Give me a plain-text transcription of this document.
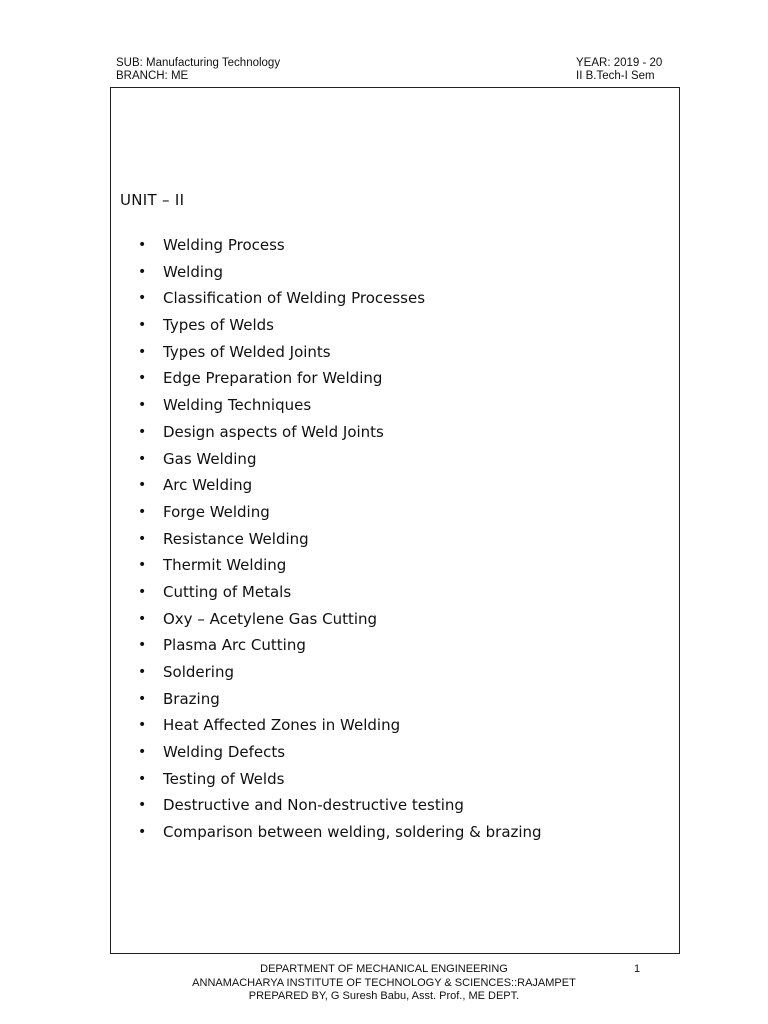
SUB: Manufacturing Technology
BRANCH: ME
YEAR: 2019 - 20
II B.Tech-I Sem
UNIT – II
• Welding Process
• Welding
• Classification of Welding Processes
• Types of Welds
• Types of Welded Joints
• Edge Preparation for Welding
• Welding Techniques
• Design aspects of Weld Joints
• Gas Welding
• Arc Welding
• Forge Welding
• Resistance Welding
• Thermit Welding
• Cutting of Metals
• Oxy – Acetylene Gas Cutting
• Plasma Arc Cutting
• Soldering
• Brazing
• Heat Affected Zones in Welding
• Welding Defects
• Testing of Welds
• Destructive and Non-destructive testing
• Comparison between welding, soldering & brazing
DEPARTMENT OF MECHANICAL ENGINEERING	1
ANNAMACHARYA INSTITUTE OF TECHNOLOGY & SCIENCES::RAJAMPET
PREPARED BY, G Suresh Babu, Asst. Prof., ME DEPT.
